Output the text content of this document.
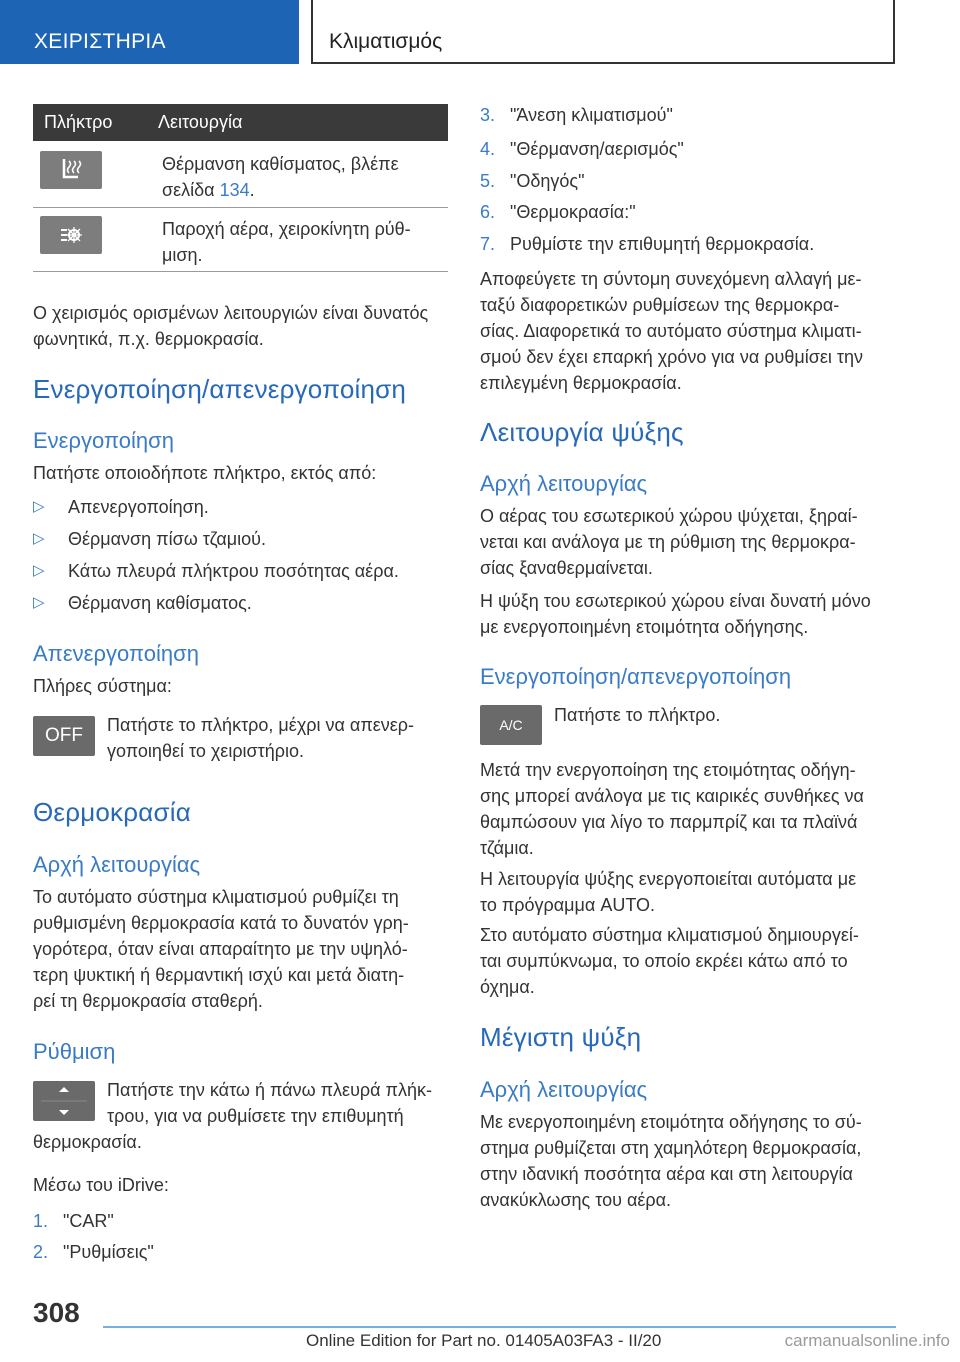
ΧΕΙΡΙΣΤΗΡΙΑ	Κλιματισμός
Πλήκτρο	Λειτουργία

Θέρμανση καθίσματος, βλέπε
σελίδα 134.

Παροχή αέρα, χειροκίνητη ρύθ-
μιση.

Ο χειρισμός ορισμένων λειτουργιών είναι δυνατός
φωνητικά, π.χ. θερμοκρασία.

Ενεργοποίηση/απενεργοποίηση
Ενεργοποίηση

Πατήστε οποιοδήποτε πλήκτρο, εκτός από:

▷ Απενεργοποίηση.
▷ Θέρμανση πίσω τζαμιού.
▷ Κάτω πλευρά πλήκτρου ποσότητας αέρα.
▷ Θέρμανση καθίσματος.
Απενεργοποίηση

Πλήρες σύστημα:

OFF	Πατήστε το πλήκτρο, μέχρι να απενερ-
γοποιηθεί το χειριστήριο.

Θερμοκρασία
Αρχή λειτουργίας

Το αυτόματο σύστημα κλιματισμού ρυθμίζει τη
ρυθμισμένη θερμοκρασία κατά το δυνατόν γρη-
γορότερα, όταν είναι απαραίτητο με την υψηλό-
τερη ψυκτική ή θερμαντική ισχύ και μετά διατη-
ρεί τη θερμοκρασία σταθερή.

Ρύθμιση

Πατήστε την κάτω ή πάνω πλευρά πλήκ-
τρου, για να ρυθμίσετε την επιθυμητή

θερμοκρασία.

Μέσω του iDrive:

1. "CAR"
2. "Ρυθμίσεις"
3. "Άνεση κλιματισμού"
4. "Θέρμανση/αερισμός"
5. "Οδηγός"
6. "Θερμοκρασία:"
7. Ρυθμίστε την επιθυμητή θερμοκρασία.

Αποφεύγετε τη σύντομη συνεχόμενη αλλαγή με-
ταξύ διαφορετικών ρυθμίσεων της θερμοκρα-
σίας. Διαφορετικά το αυτόματο σύστημα κλιματι-
σμού δεν έχει επαρκή χρόνο για να ρυθμίσει την
επιλεγμένη θερμοκρασία.

Λειτουργία ψύξης
Αρχή λειτουργίας

Ο αέρας του εσωτερικού χώρου ψύχεται, ξηραί-
νεται και ανάλογα με τη ρύθμιση της θερμοκρα-
σίας ξαναθερμαίνεται.

Η ψύξη του εσωτερικού χώρου είναι δυνατή μόνο
με ενεργοποιημένη ετοιμότητα οδήγησης.

Ενεργοποίηση/απενεργοποίηση
A/C	Πατήστε το πλήκτρο.

Μετά την ενεργοποίηση της ετοιμότητας οδήγη-
σης μπορεί ανάλογα με τις καιρικές συνθήκες να
θαμπώσουν για λίγο το παρμπρίζ και τα πλαϊνά
τζάμια.

Η λειτουργία ψύξης ενεργοποιείται αυτόματα με
το πρόγραμμα AUTO.

Στο αυτόματο σύστημα κλιματισμού δημιουργεί-
ται συμπύκνωμα, το οποίο εκρέει κάτω από το
όχημα.

Μέγιστη ψύξη
Αρχή λειτουργίας

Με ενεργοποιημένη ετοιμότητα οδήγησης το σύ-
στημα ρυθμίζεται στη χαμηλότερη θερμοκρασία,
στην ιδανική ποσότητα αέρα και στη λειτουργία
ανακύκλωσης του αέρα.

308
Online Edition for Part no. 01405A03FA3 - II/20	carmanualsonline.info
